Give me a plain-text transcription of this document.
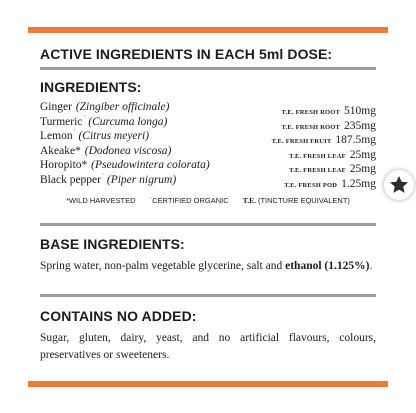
ACTIVE INGREDIENTS IN EACH 5ml DOSE:
INGREDIENTS:
Ginger (Zingiber officinale)	T.E. FRESH ROOT 510mg
Turmeric` (Curcuma longa)	T.E. FRESH ROOT 235mg
Lemon` (Citrus meyeri)	T.E. FRESH FRUIT 187.5mg
Akeake* (Dodonea viscosa)	T.E. FRESH LEAF 25mg
Horopito* (Pseudowintera colorata)	T.E. FRESH LEAF 25mg
Black pepper` (Piper nigrum)	T.E. FRESH POD 1.25mg
*WILD HARVESTED `CERTIFIED ORGANIC T.E. (TINCTURE EQUIVALENT)
BASE INGREDIENTS:

Spring water, non-palm vegetable glycerine, salt and ethanol (1.125%).

CONTAINS NO ADDED:

Sugar, gluten, dairy, yeast, and no artificial flavours, colours, preservatives or sweeteners.
